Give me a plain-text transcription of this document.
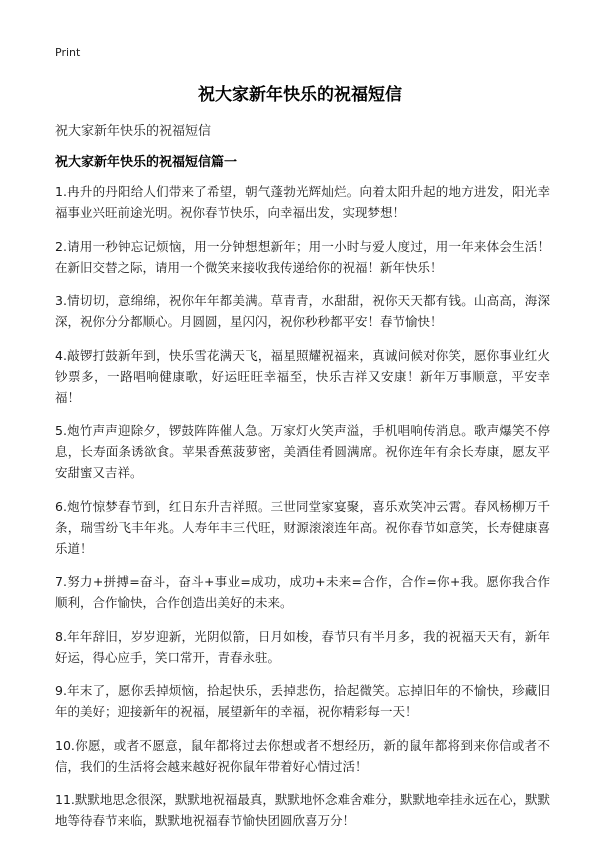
Print
祝大家新年快乐的祝福短信
祝大家新年快乐的祝福短信
祝大家新年快乐的祝福短信篇一

1.冉升的丹阳给人们带来了希望，朝气蓬勃光辉灿烂。向着太阳升起的地方进发，阳光幸福事业兴旺前途光明。祝你春节快乐，向幸福出发，实现梦想！

2.请用一秒钟忘记烦恼，用一分钟想想新年；用一小时与爱人度过，用一年来体会生活！在新旧交替之际，请用一个微笑来接收我传递给你的祝福！新年快乐！

3.情切切，意绵绵，祝你年年都美满。草青青，水甜甜，祝你天天都有钱。山高高，海深深，祝你分分都顺心。月圆圆，星闪闪，祝你秒秒都平安！春节愉快！

4.敲锣打鼓新年到，快乐雪花满天飞，福星照耀祝福来，真诚问候对你笑，愿你事业红火钞票多，一路唱响健康歌，好运旺旺幸福至，快乐吉祥又安康！新年万事顺意，平安幸福！

5.炮竹声声迎除夕，锣鼓阵阵催人急。万家灯火笑声溢，手机唱响传消息。歌声爆笑不停息，长寿面条诱欲食。苹果香蕉菠萝密，美酒佳肴圆满席。祝你连年有余长寿康，愿友平安甜蜜又吉祥。

6.炮竹惊梦春节到，红日东升吉祥照。三世同堂家宴聚，喜乐欢笑冲云霄。春风杨柳万千条，瑞雪纷飞丰年兆。人寿年丰三代旺，财源滚滚连年高。祝你春节如意笑，长寿健康喜乐道！

7.努力+拼搏=奋斗，奋斗+事业=成功，成功+未来=合作，合作=你+我。愿你我合作顺利，合作愉快，合作创造出美好的未来。

8.年年辞旧，岁岁迎新，光阴似箭，日月如梭，春节只有半月多，我的祝福天天有，新年好运，得心应手，笑口常开，青春永驻。

9.年末了，愿你丢掉烦恼，拾起快乐，丢掉悲伤，拾起微笑。忘掉旧年的不愉快，珍藏旧年的美好；迎接新年的祝福，展望新年的幸福，祝你精彩每一天！

10.你愿，或者不愿意，鼠年都将过去你想或者不想经历，新的鼠年都将到来你信或者不信，我们的生活将会越来越好祝你鼠年带着好心情过活！

11.默默地思念很深，默默地祝福最真，默默地怀念难舍难分，默默地牵挂永远在心，默默地等待春节来临，默默地祝福春节愉快团圆欣喜万分！
